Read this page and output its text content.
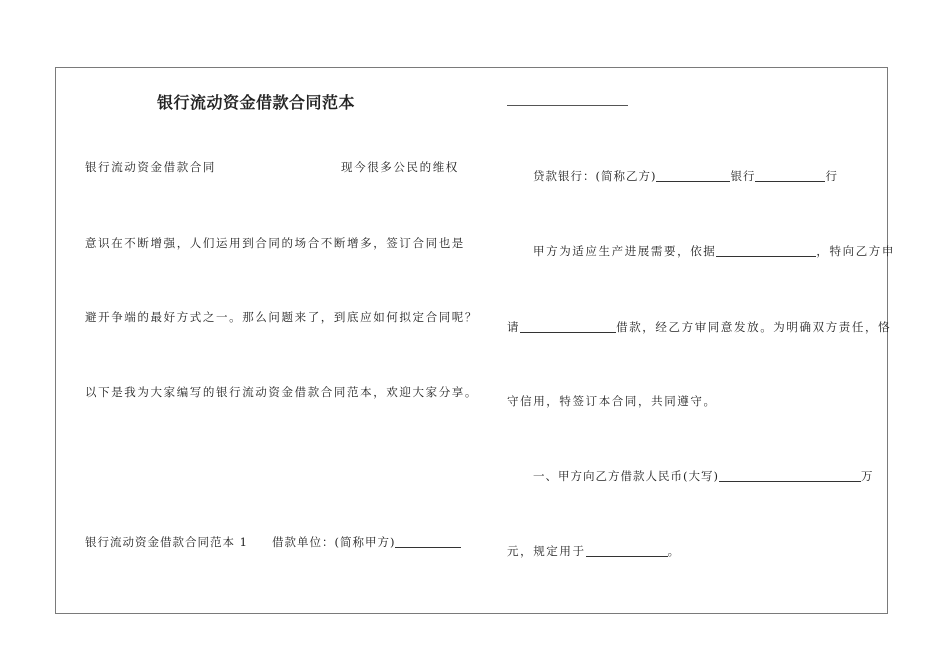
银行流动资金借款合同范本
银行流动资金借款合同	现今很多公民的维权
意识在不断增强，人们运用到合同的场合不断增多，签订合同也是
避开争端的最好方式之一。那么问题来了，到底应如何拟定合同呢？
以下是我为大家编写的银行流动资金借款合同范本，欢迎大家分享。
银行流动资金借款合同范本 1 借款单位：(简称甲方)
贷款银行：(简称乙方)	银行	行
甲方为适应生产进展需要，依据	，特向乙方申
请	借款，经乙方审同意发放。为明确双方责任，恪
守信用，特签订本合同，共同遵守。
一、甲方向乙方借款人民币(大写)	万
元，规定用于	。
